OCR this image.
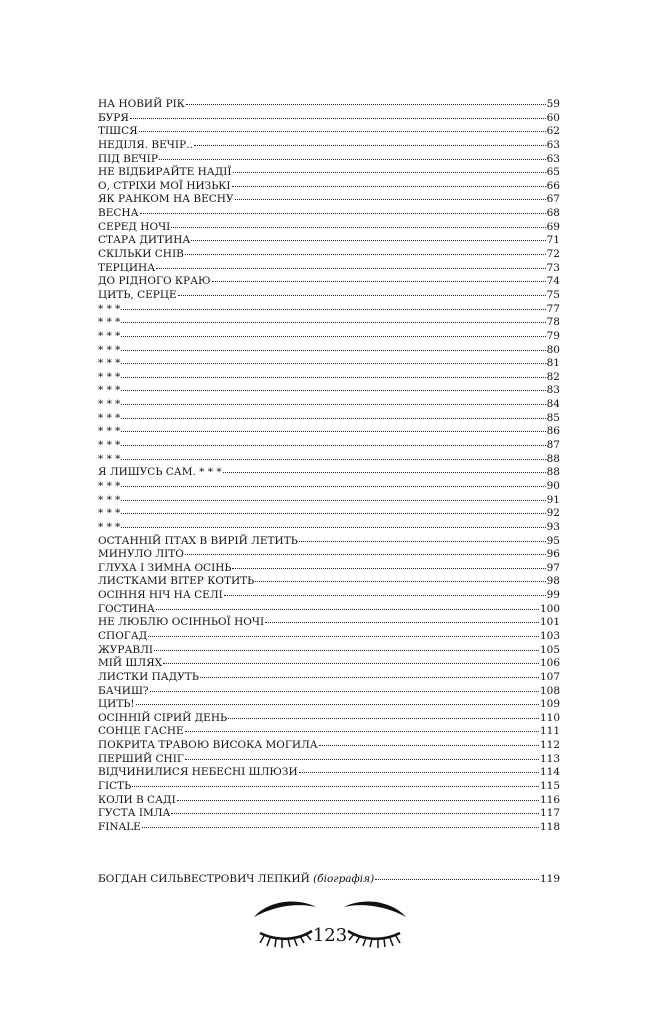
НА НОВИЙ РІК	59
БУРЯ	60
ТІШСЯ	62
НЕДІЛЯ. ВЕЧІР..	63
ПІД ВЕЧІР	63
НЕ ВІДБИРАЙТЕ НАДІЇ	65
О, СТРІХИ МОЇ НИЗЬКІ	66
ЯК РАНКОМ НА ВЕСНУ	67
ВЕСНА	68
СЕРЕД НОЧІ	69
СТАРА ДИТИНА	71
СКІЛЬКИ СНІВ	72
ТЕРЦИНА	73
ДО РІДНОГО КРАЮ	74
ЦИТЬ, СЕРЦЕ	75
* * *	77
* * *	78
* * *	79
* * *	80
* * *	81
* * *	82
* * *	83
* * *	84
* * *	85
* * *	86
* * *	87
* * *	88
Я ЛИШУСЬ САМ. * * *	88
* * *	90
* * *	91
* * *	92
* * *	93
ОСТАННІЙ ПТАХ В ВИРІЙ ЛЕТИТЬ	95
МИНУЛО ЛІТО	96
ГЛУХА І ЗИМНА ОСІНЬ	97
ЛИСТКАМИ ВІТЕР КОТИТЬ	98
ОСІННЯ НІЧ НА СЕЛІ	99
ГОСТИНА	100
НЕ ЛЮБЛЮ ОСІННЬОЇ НОЧІ	101
СПОГАД	103
ЖУРАВЛІ	105
МІЙ ШЛЯХ	106
ЛИСТКИ ПАДУТЬ	107
БАЧИШ?	108
ЦИТЬ!	109
ОСІННІЙ СІРИЙ ДЕНЬ	110
СОНЦЕ ГАСНЕ	111
ПОКРИТА ТРАВОЮ ВИСОКА МОГИЛА	112
ПЕРШИЙ СНІГ	113
ВІДЧИНИЛИСЯ НЕБЕСНІ ШЛЮЗИ	114
ГІСТЬ	115
КОЛИ В САДІ	116
ГУСТА ІМЛА	117
FINALE	118
БОГДАН СИЛЬВЕСТРОВИЧ ЛЕПКИЙ (біографія)	119
123
